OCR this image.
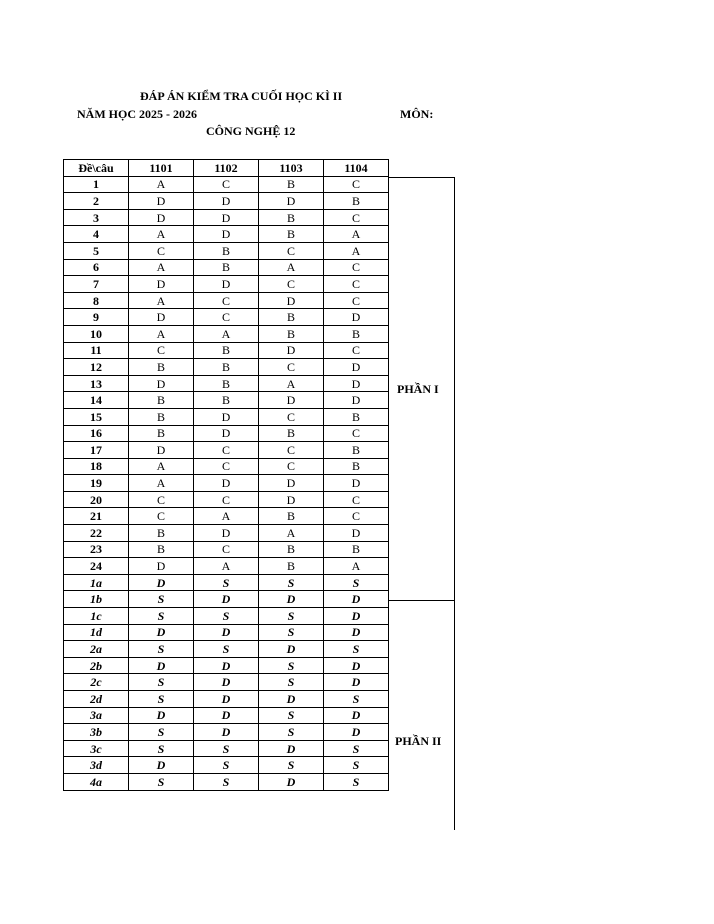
ĐÁP ÁN KIỂM TRA CUỐI HỌC KÌ II
NĂM HỌC 2025 - 2026	MÔN:
CÔNG NGHỆ 12
Đề\câu	1101	1102	1103	1104
1	A	C	B	C
2	D	D	D	B
3	D	D	B	C
4	A	D	B	A
5	C	B	C	A
6	A	B	A	C
7	D	D	C	C
8	A	C	D	C
9	D	C	B	D
10	A	A	B	B
11	C	B	D	C
12	B	B	C	D
13	D	B	A	D
14	B	B	D	D
15	B	D	C	B
16	B	D	B	C
17	D	C	C	B
18	A	C	C	B
19	A	D	D	D
20	C	C	D	C
21	C	A	B	C
22	B	D	A	D
23	B	C	B	B
24	D	A	B	A
1a	D	S	S	S
1b	S	D	D	D
1c	S	S	S	D
1d	D	D	S	D
2a	S	S	D	S
2b	D	D	S	D
2c	S	D	S	D
2d	S	D	D	S
3a	D	D	S	D
3b	S	D	S	D
3c	S	S	D	S
3d	D	S	S	S
4a	S	S	D	S
PHẦN I
PHẦN II
